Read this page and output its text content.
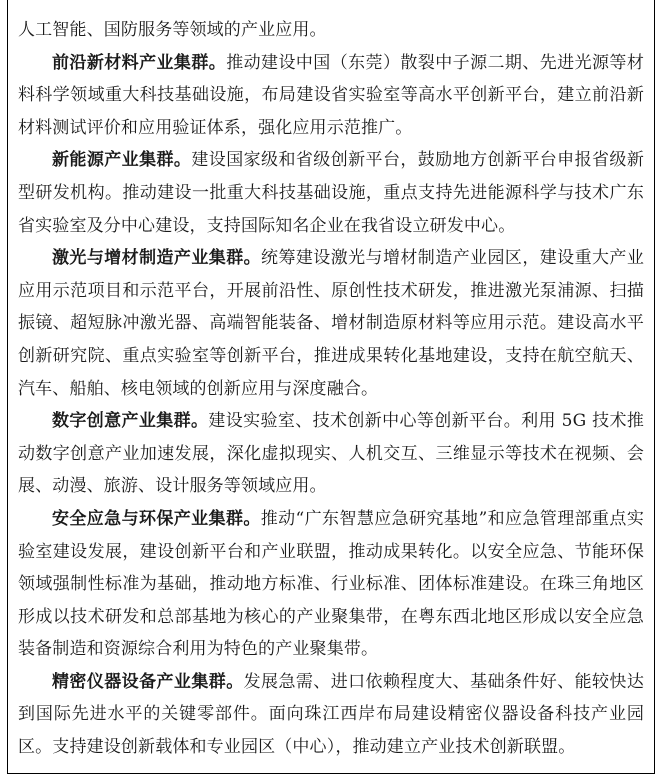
人工智能、国防服务等领域的产业应用。

前沿新材料产业集群。推动建设中国（东莞）散裂中子源二期、先进光源等材料科学领域重大科技基础设施，布局建设省实验室等高水平创新平台，建立前沿新材料测试评价和应用验证体系，强化应用示范推广。

新能源产业集群。建设国家级和省级创新平台，鼓励地方创新平台申报省级新型研发机构。推动建设一批重大科技基础设施，重点支持先进能源科学与技术广东省实验室及分中心建设，支持国际知名企业在我省设立研发中心。

激光与增材制造产业集群。统筹建设激光与增材制造产业园区，建设重大产业应用示范项目和示范平台，开展前沿性、原创性技术研发，推进激光泵浦源、扫描振镜、超短脉冲激光器、高端智能装备、增材制造原材料等应用示范。建设高水平创新研究院、重点实验室等创新平台，推进成果转化基地建设，支持在航空航天、汽车、船舶、核电领域的创新应用与深度融合。

数字创意产业集群。建设实验室、技术创新中心等创新平台。利用 5G 技术推动数字创意产业加速发展，深化虚拟现实、人机交互、三维显示等技术在视频、会展、动漫、旅游、设计服务等领域应用。

安全应急与环保产业集群。推动“广东智慧应急研究基地”和应急管理部重点实验室建设发展，建设创新平台和产业联盟，推动成果转化。以安全应急、节能环保领域强制性标准为基础，推动地方标准、行业标准、团体标准建设。在珠三角地区形成以技术研发和总部基地为核心的产业聚集带，在粤东西北地区形成以安全应急装备制造和资源综合利用为特色的产业聚集带。

精密仪器设备产业集群。发展急需、进口依赖程度大、基础条件好、能较快达到国际先进水平的关键零部件。面向珠江西岸布局建设精密仪器设备科技产业园区。支持建设创新载体和专业园区（中心），推动建立产业技术创新联盟。
